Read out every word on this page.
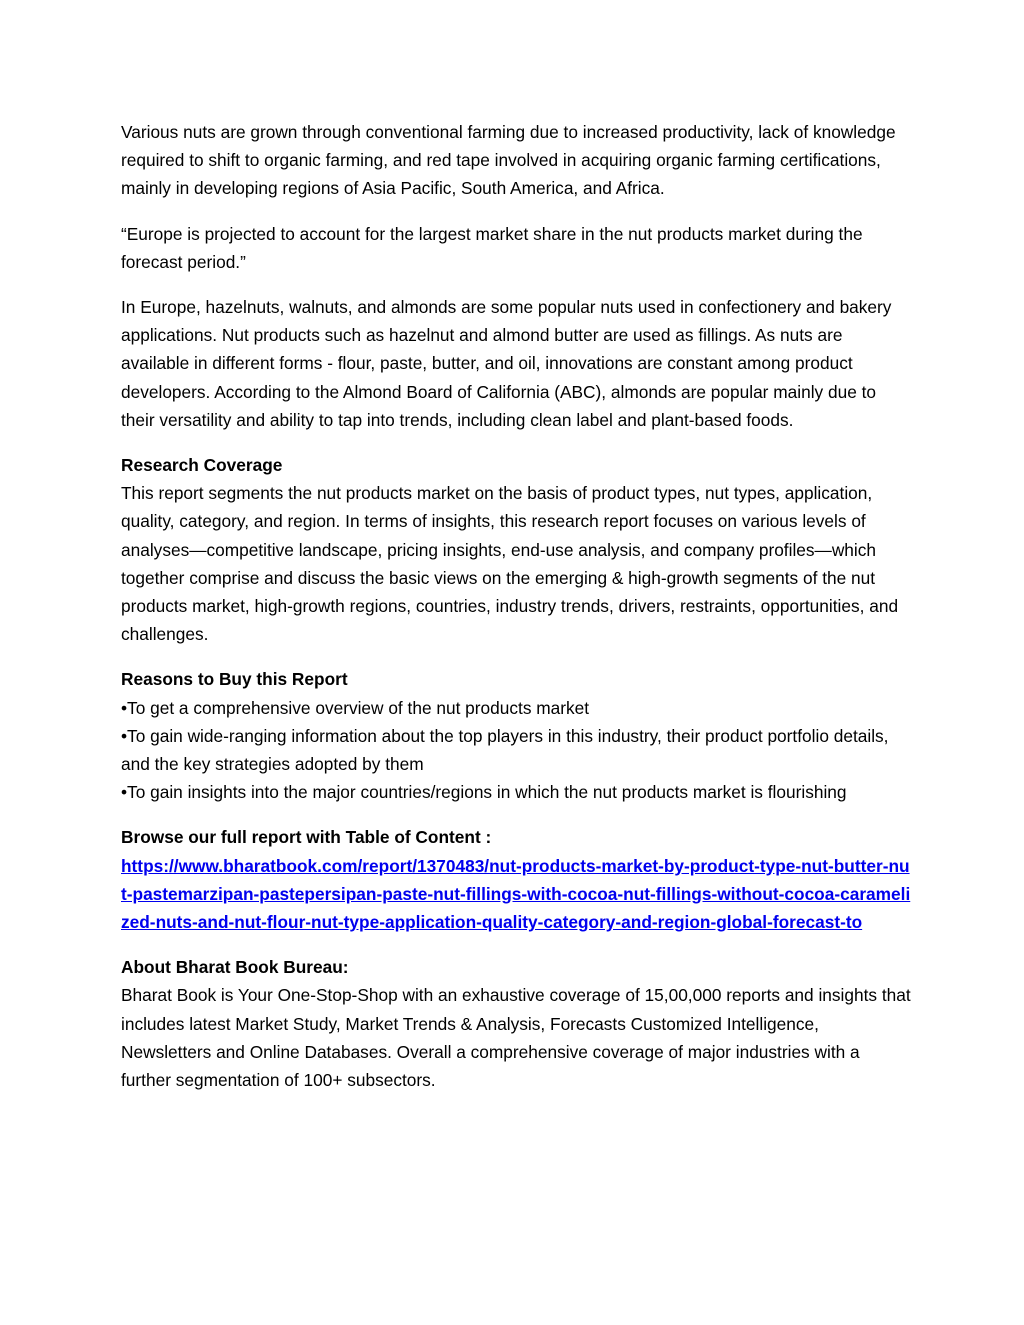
Various nuts are grown through conventional farming due to increased productivity, lack of knowledge required to shift to organic farming, and red tape involved in acquiring organic farming certifications, mainly in developing regions of Asia Pacific, South America, and Africa.

“Europe is projected to account for the largest market share in the nut products market during the forecast period.”

In Europe, hazelnuts, walnuts, and almonds are some popular nuts used in confectionery and bakery applications. Nut products such as hazelnut and almond butter are used as fillings. As nuts are available in different forms - flour, paste, butter, and oil, innovations are constant among product developers. According to the Almond Board of California (ABC), almonds are popular mainly due to their versatility and ability to tap into trends, including clean label and plant-based foods.

Research Coverage
This report segments the nut products market on the basis of product types, nut types, application, quality, category, and region. In terms of insights, this research report focuses on various levels of analyses—competitive landscape, pricing insights, end-use analysis, and company profiles—which together comprise and discuss the basic views on the emerging & high-growth segments of the nut products market, high-growth regions, countries, industry trends, drivers, restraints, opportunities, and challenges.

Reasons to Buy this Report
•To get a comprehensive overview of the nut products market
•To gain wide-ranging information about the top players in this industry, their product portfolio details, and the key strategies adopted by them
•To gain insights into the major countries/regions in which the nut products market is flourishing

Browse our full report with Table of Content :
https://www.bharatbook.com/report/1370483/nut-products-market-by-product-type-nut-butter-nut-pastemarzipan-pastepersipan-paste-nut-fillings-with-cocoa-nut-fillings-without-cocoa-caramelized-nuts-and-nut-flour-nut-type-application-quality-category-and-region-global-forecast-to

About Bharat Book Bureau:
Bharat Book is Your One-Stop-Shop with an exhaustive coverage of 15,00,000 reports and insights that includes latest Market Study, Market Trends & Analysis, Forecasts Customized Intelligence, Newsletters and Online Databases. Overall a comprehensive coverage of major industries with a further segmentation of 100+ subsectors.
